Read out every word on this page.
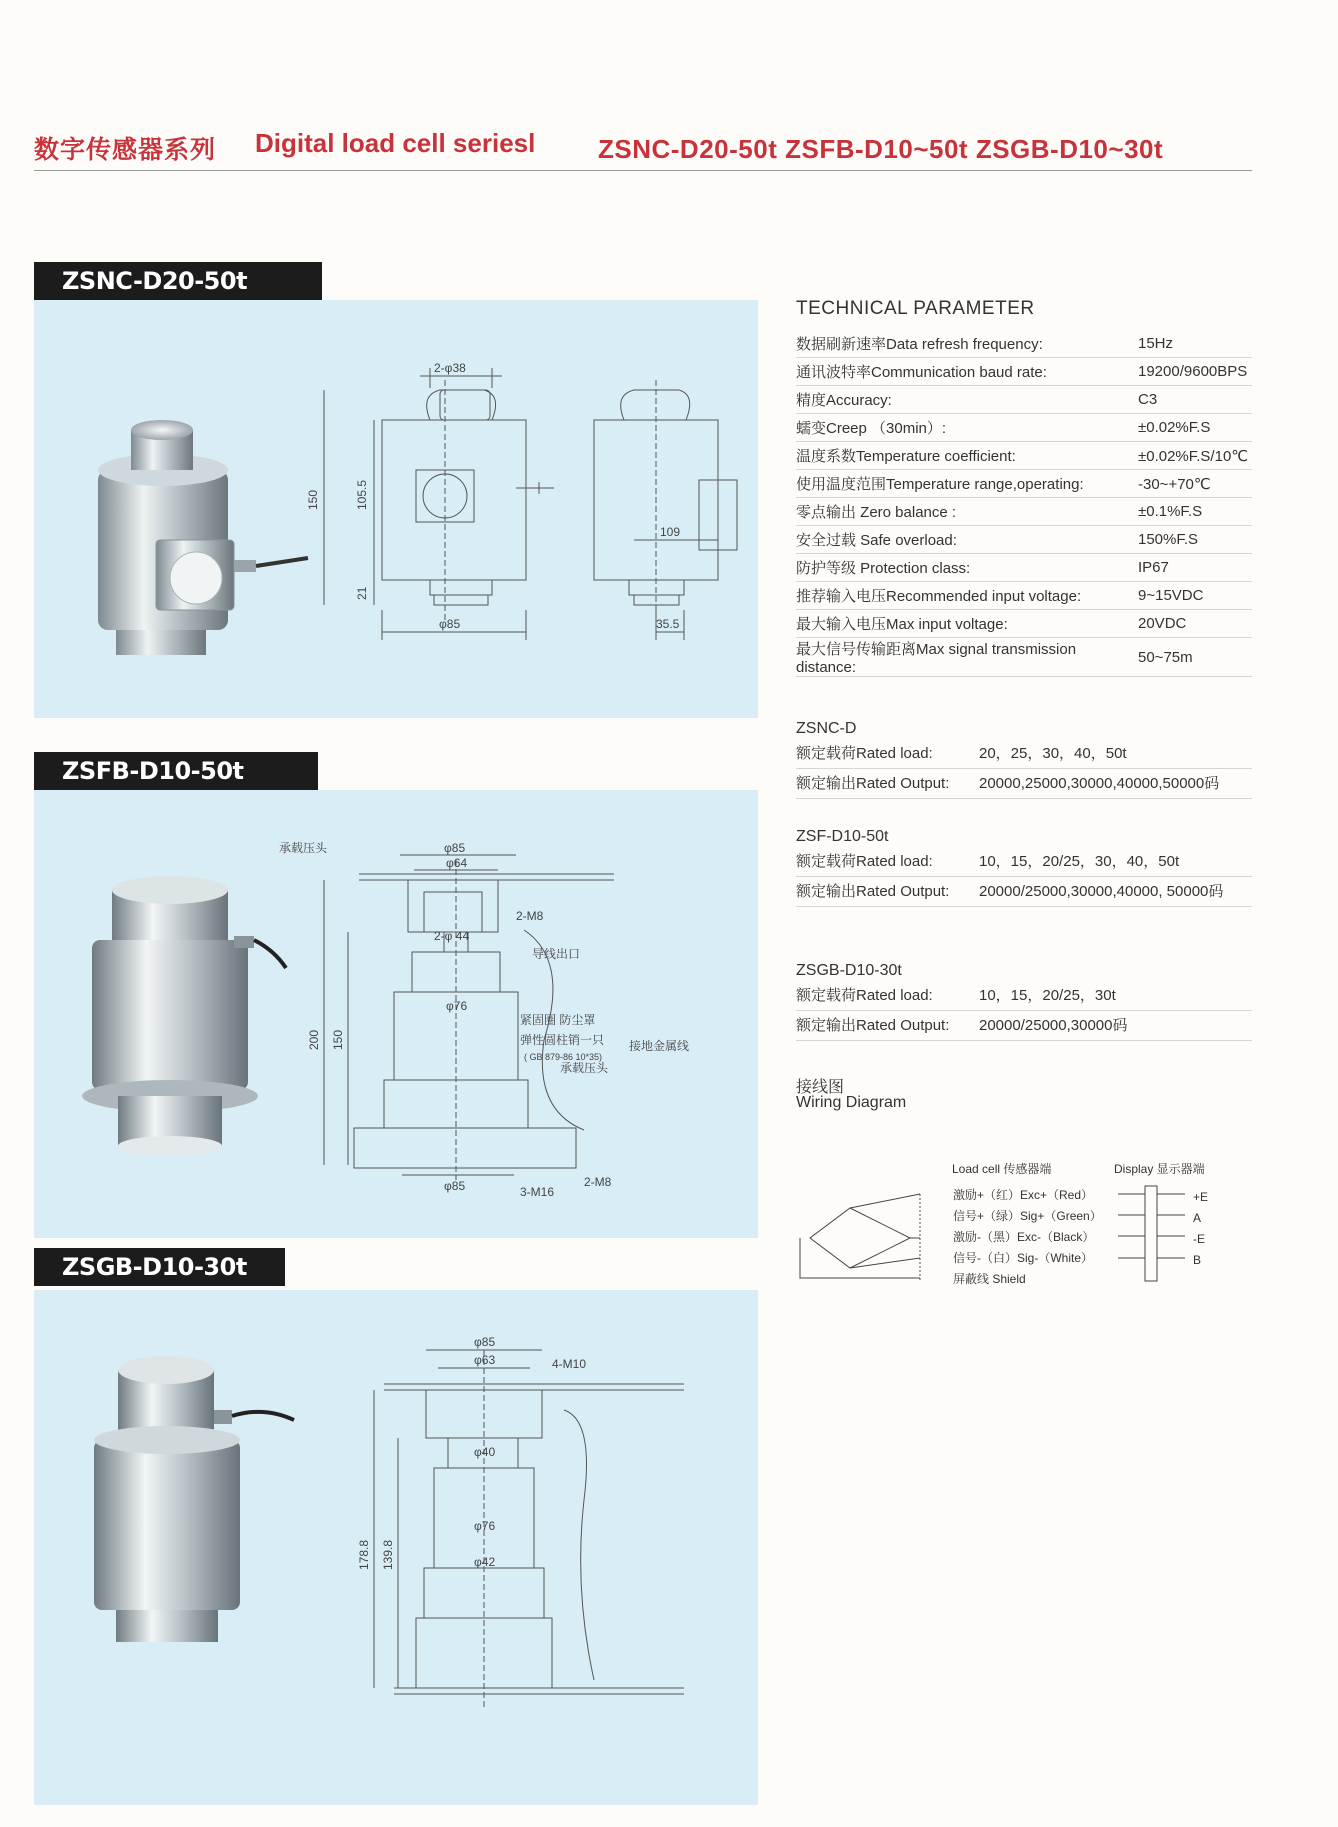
数字传感器系列 Digital load cell seriesl ZSNC-D20-50t ZSFB-D10~50t ZSGB-D10~30t
ZSNC-D20-50t
2-φ38
105.5
150
21
φ85
109
35.5
ZSFB-D10-50t
承载压头	φ85
φ64
2-M8
2-φ 44
导线出口
φ76
紧固圈 防尘罩
弹性圆柱销一只 接地金属线
( GB 879-86 10*35)
承载压头
200 150
φ85	3-M16
2-M8
ZSGB-D10-30t
φ85
φ63	4-M10
φ40
φ76
φ42
178.8 139.8
TECHNICAL PARAMETER
数据刷新速率Data refresh frequency:	15Hz
通讯波特率Communication baud rate:	19200/9600BPS
精度Accuracy:	C3
蠕变Creep （30min）:	±0.02%F.S
温度系数Temperature coefficient:	±0.02%F.S/10℃
使用温度范围Temperature range,operating:	-30~+70℃
零点输出 Zero balance :	±0.1%F.S
安全过载 Safe overload:	150%F.S
防护等级 Protection class:	IP67
推荐输入电压Recommended input voltage:	9~15VDC
最大输入电压Max input voltage:	20VDC
最大信号传输距离Max signal transmission distance:	50~75m
ZSNC-D
额定载荷Rated load:	20，25，30，40，50t
额定输出Rated Output: 20000,25000,30000,40000,50000码
ZSF-D10-50t
额定载荷Rated load:	10，15，20/25，30，40，50t
额定输出Rated Output: 20000/25000,30000,40000, 50000码
ZSGB-D10-30t
额定载荷Rated load:	10，15，20/25，30t
额定输出Rated Output: 20000/25000,30000码
接线图
Wiring Diagram
Load cell 传感器端	Display 显示器端
激励+（红）Exc+（Red）	+E
信号+（绿）Sig+（Green）	A
激励-（黑）Exc-（Black）	-E
信号-（白）Sig-（White）	B
屏蔽线 Shield
